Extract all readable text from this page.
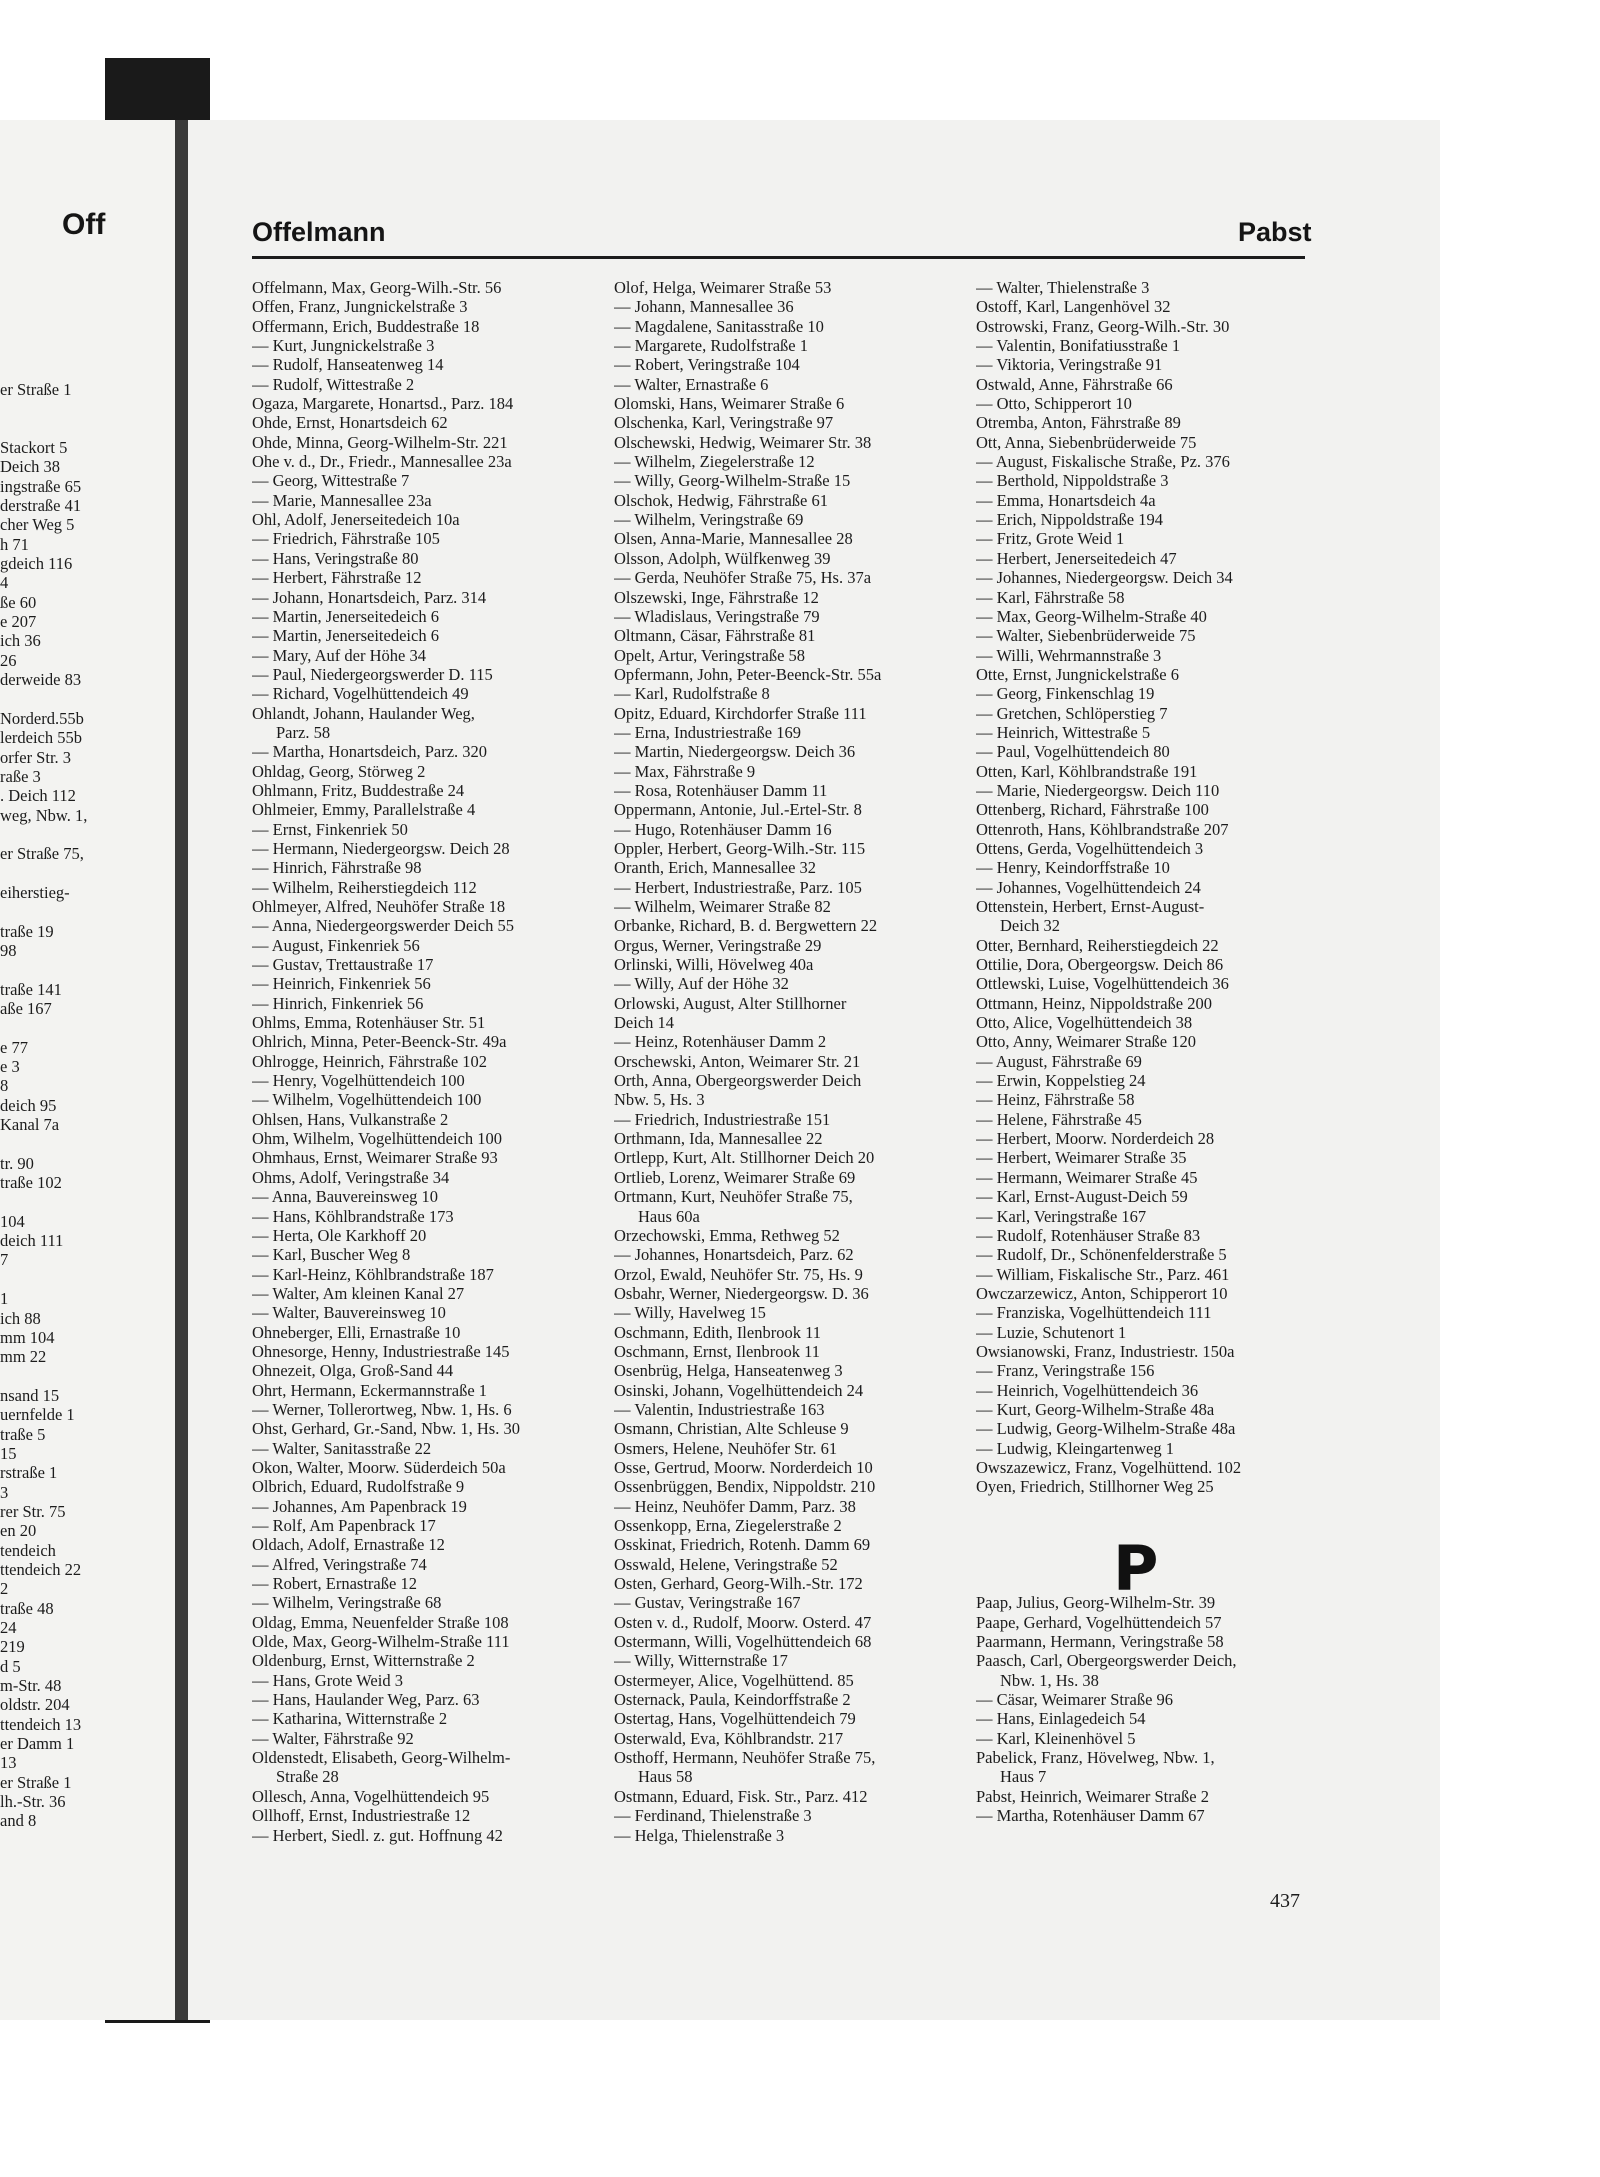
Off
er Straße 1
Stackort 5
Deich 38
ingstraße 65
derstraße 41
cher Weg 5
h 71
gdeich 116
4
ße 60
e 207
ich 36
26
derweide 83
Norderd.55b
lerdeich 55b
orfer Str. 3
raße 3
. Deich 112
weg, Nbw. 1,
er Straße 75,
eiherstieg-
traße 19
98
traße 141
aße 167
e 77
e 3
8
deich 95
Kanal 7a
tr. 90
traße 102
104
deich 111
7
1
ich 88
mm 104
mm 22
nsand 15
uernfelde 1
traße 5
15
rstraße 1
3
rer Str. 75
en 20
tendeich
ttendeich 22
2
traße 48
24
219
d 5
m-Str. 48
oldstr. 204
ttendeich 13
er Damm 1
13
er Straße 1
lh.-Str. 36
and 8
Offelmann	Pabst
Offelmann, Max, Georg-Wilh.-Str. 56
Offen, Franz, Jungnickelstraße 3
Offermann, Erich, Buddestraße 18
— Kurt, Jungnickelstraße 3
— Rudolf, Hanseatenweg 14
— Rudolf, Wittestraße 2
Ogaza, Margarete, Honartsd., Parz. 184
Ohde, Ernst, Honartsdeich 62
Ohde, Minna, Georg-Wilhelm-Str. 221
Ohe v. d., Dr., Friedr., Mannesallee 23a
— Georg, Wittestraße 7
— Marie, Mannesallee 23a
Ohl, Adolf, Jenerseitedeich 10a
— Friedrich, Fährstraße 105
— Hans, Veringstraße 80
— Herbert, Fährstraße 12
— Johann, Honartsdeich, Parz. 314
— Martin, Jenerseitedeich 6
— Martin, Jenerseitedeich 6
— Mary, Auf der Höhe 34
— Paul, Niedergeorgswerder D. 115
— Richard, Vogelhüttendeich 49
Ohlandt, Johann, Haulander Weg,
Parz. 58
— Martha, Honartsdeich, Parz. 320
Ohldag, Georg, Störweg 2
Ohlmann, Fritz, Buddestraße 24
Ohlmeier, Emmy, Parallelstraße 4
— Ernst, Finkenriek 50
— Hermann, Niedergeorgsw. Deich 28
— Hinrich, Fährstraße 98
— Wilhelm, Reiherstiegdeich 112
Ohlmeyer, Alfred, Neuhöfer Straße 18
— Anna, Niedergeorgswerder Deich 55
— August, Finkenriek 56
— Gustav, Trettaustraße 17
— Heinrich, Finkenriek 56
— Hinrich, Finkenriek 56
Ohlms, Emma, Rotenhäuser Str. 51
Ohlrich, Minna, Peter-Beenck-Str. 49a
Ohlrogge, Heinrich, Fährstraße 102
— Henry, Vogelhüttendeich 100
— Wilhelm, Vogelhüttendeich 100
Ohlsen, Hans, Vulkanstraße 2
Ohm, Wilhelm, Vogelhüttendeich 100
Ohmhaus, Ernst, Weimarer Straße 93
Ohms, Adolf, Veringstraße 34
— Anna, Bauvereinsweg 10
— Hans, Köhlbrandstraße 173
— Herta, Ole Karkhoff 20
— Karl, Buscher Weg 8
— Karl-Heinz, Köhlbrandstraße 187
— Walter, Am kleinen Kanal 27
— Walter, Bauvereinsweg 10
Ohneberger, Elli, Ernastraße 10
Ohnesorge, Henny, Industriestraße 145
Ohnezeit, Olga, Groß-Sand 44
Ohrt, Hermann, Eckermannstraße 1
— Werner, Tollerortweg, Nbw. 1, Hs. 6
Ohst, Gerhard, Gr.-Sand, Nbw. 1, Hs. 30
— Walter, Sanitasstraße 22
Okon, Walter, Moorw. Süderdeich 50a
Olbrich, Eduard, Rudolfstraße 9
— Johannes, Am Papenbrack 19
— Rolf, Am Papenbrack 17
Oldach, Adolf, Ernastraße 12
— Alfred, Veringstraße 74
— Robert, Ernastraße 12
— Wilhelm, Veringstraße 68
Oldag, Emma, Neuenfelder Straße 108
Olde, Max, Georg-Wilhelm-Straße 111
Oldenburg, Ernst, Witternstraße 2
— Hans, Grote Weid 3
— Hans, Haulander Weg, Parz. 63
— Katharina, Witternstraße 2
— Walter, Fährstraße 92
Oldenstedt, Elisabeth, Georg-Wilhelm-
Straße 28
Ollesch, Anna, Vogelhüttendeich 95
Ollhoff, Ernst, Industriestraße 12
— Herbert, Siedl. z. gut. Hoffnung 42
Olof, Helga, Weimarer Straße 53
— Johann, Mannesallee 36
— Magdalene, Sanitasstraße 10
— Margarete, Rudolfstraße 1
— Robert, Veringstraße 104
— Walter, Ernastraße 6
Olomski, Hans, Weimarer Straße 6
Olschenka, Karl, Veringstraße 97
Olschewski, Hedwig, Weimarer Str. 38
— Wilhelm, Ziegelerstraße 12
— Willy, Georg-Wilhelm-Straße 15
Olschok, Hedwig, Fährstraße 61
— Wilhelm, Veringstraße 69
Olsen, Anna-Marie, Mannesallee 28
Olsson, Adolph, Wülfkenweg 39
— Gerda, Neuhöfer Straße 75, Hs. 37a
Olszewski, Inge, Fährstraße 12
— Wladislaus, Veringstraße 79
Oltmann, Cäsar, Fährstraße 81
Opelt, Artur, Veringstraße 58
Opfermann, John, Peter-Beenck-Str. 55a
— Karl, Rudolfstraße 8
Opitz, Eduard, Kirchdorfer Straße 111
— Erna, Industriestraße 169
— Martin, Niedergeorgsw. Deich 36
— Max, Fährstraße 9
— Rosa, Rotenhäuser Damm 11
Oppermann, Antonie, Jul.-Ertel-Str. 8
— Hugo, Rotenhäuser Damm 16
Oppler, Herbert, Georg-Wilh.-Str. 115
Oranth, Erich, Mannesallee 32
— Herbert, Industriestraße, Parz. 105
— Wilhelm, Weimarer Straße 82
Orbanke, Richard, B. d. Bergwettern 22
Orgus, Werner, Veringstraße 29
Orlinski, Willi, Hövelweg 40a
— Willy, Auf der Höhe 32
Orlowski, August, Alter Stillhorner
Deich 14
— Heinz, Rotenhäuser Damm 2
Orschewski, Anton, Weimarer Str. 21
Orth, Anna, Obergeorgswerder Deich
Nbw. 5, Hs. 3
— Friedrich, Industriestraße 151
Orthmann, Ida, Mannesallee 22
Ortlepp, Kurt, Alt. Stillhorner Deich 20
Ortlieb, Lorenz, Weimarer Straße 69
Ortmann, Kurt, Neuhöfer Straße 75,
Haus 60a
Orzechowski, Emma, Rethweg 52
— Johannes, Honartsdeich, Parz. 62
Orzol, Ewald, Neuhöfer Str. 75, Hs. 9
Osbahr, Werner, Niedergeorgsw. D. 36
— Willy, Havelweg 15
Oschmann, Edith, Ilenbrook 11
Oschmann, Ernst, Ilenbrook 11
Osenbrüg, Helga, Hanseatenweg 3
Osinski, Johann, Vogelhüttendeich 24
— Valentin, Industriestraße 163
Osmann, Christian, Alte Schleuse 9
Osmers, Helene, Neuhöfer Str. 61
Osse, Gertrud, Moorw. Norderdeich 10
Ossenbrüggen, Bendix, Nippoldstr. 210
— Heinz, Neuhöfer Damm, Parz. 38
Ossenkopp, Erna, Ziegelerstraße 2
Osskinat, Friedrich, Rotenh. Damm 69
Osswald, Helene, Veringstraße 52
Osten, Gerhard, Georg-Wilh.-Str. 172
— Gustav, Veringstraße 167
Osten v. d., Rudolf, Moorw. Osterd. 47
Ostermann, Willi, Vogelhüttendeich 68
— Willy, Witternstraße 17
Ostermeyer, Alice, Vogelhüttend. 85
Osternack, Paula, Keindorffstraße 2
Ostertag, Hans, Vogelhüttendeich 79
Osterwald, Eva, Köhlbrandstr. 217
Osthoff, Hermann, Neuhöfer Straße 75,
Haus 58
Ostmann, Eduard, Fisk. Str., Parz. 412
— Ferdinand, Thielenstraße 3
— Helga, Thielenstraße 3
— Walter, Thielenstraße 3
Ostoff, Karl, Langenhövel 32
Ostrowski, Franz, Georg-Wilh.-Str. 30
— Valentin, Bonifatiusstraße 1
— Viktoria, Veringstraße 91
Ostwald, Anne, Fährstraße 66
— Otto, Schipperort 10
Otremba, Anton, Fährstraße 89
Ott, Anna, Siebenbrüderweide 75
— August, Fiskalische Straße, Pz. 376
— Berthold, Nippoldstraße 3
— Emma, Honartsdeich 4a
— Erich, Nippoldstraße 194
— Fritz, Grote Weid 1
— Herbert, Jenerseitedeich 47
— Johannes, Niedergeorgsw. Deich 34
— Karl, Fährstraße 58
— Max, Georg-Wilhelm-Straße 40
— Walter, Siebenbrüderweide 75
— Willi, Wehrmannstraße 3
Otte, Ernst, Jungnickelstraße 6
— Georg, Finkenschlag 19
— Gretchen, Schlöperstieg 7
— Heinrich, Wittestraße 5
— Paul, Vogelhüttendeich 80
Otten, Karl, Köhlbrandstraße 191
— Marie, Niedergeorgsw. Deich 110
Ottenberg, Richard, Fährstraße 100
Ottenroth, Hans, Köhlbrandstraße 207
Ottens, Gerda, Vogelhüttendeich 3
— Henry, Keindorffstraße 10
— Johannes, Vogelhüttendeich 24
Ottenstein, Herbert, Ernst-August-
Deich 32
Otter, Bernhard, Reiherstiegdeich 22
Ottilie, Dora, Obergeorgsw. Deich 86
Ottlewski, Luise, Vogelhüttendeich 36
Ottmann, Heinz, Nippoldstraße 200
Otto, Alice, Vogelhüttendeich 38
Otto, Anny, Weimarer Straße 120
— August, Fährstraße 69
— Erwin, Koppelstieg 24
— Heinz, Fährstraße 58
— Helene, Fährstraße 45
— Herbert, Moorw. Norderdeich 28
— Herbert, Weimarer Straße 35
— Hermann, Weimarer Straße 45
— Karl, Ernst-August-Deich 59
— Karl, Veringstraße 167
— Rudolf, Rotenhäuser Straße 83
— Rudolf, Dr., Schönenfelderstraße 5
— William, Fiskalische Str., Parz. 461
Owczarzewicz, Anton, Schipperort 10
— Franziska, Vogelhüttendeich 111
— Luzie, Schutenort 1
Owsianowski, Franz, Industriestr. 150a
— Franz, Veringstraße 156
— Heinrich, Vogelhüttendeich 36
— Kurt, Georg-Wilhelm-Straße 48a
— Ludwig, Georg-Wilhelm-Straße 48a
— Ludwig, Kleingartenweg 1
Owszazewicz, Franz, Vogelhüttend. 102
Oyen, Friedrich, Stillhorner Weg 25
Paap, Julius, Georg-Wilhelm-Str. 39
Paape, Gerhard, Vogelhüttendeich 57
Paarmann, Hermann, Veringstraße 58
Paasch, Carl, Obergeorgswerder Deich,
Nbw. 1, Hs. 38
— Cäsar, Weimarer Straße 96
— Hans, Einlagedeich 54
— Karl, Kleinenhövel 5
Pabelick, Franz, Hövelweg, Nbw. 1,
Haus 7
Pabst, Heinrich, Weimarer Straße 2
— Martha, Rotenhäuser Damm 67
P
437
